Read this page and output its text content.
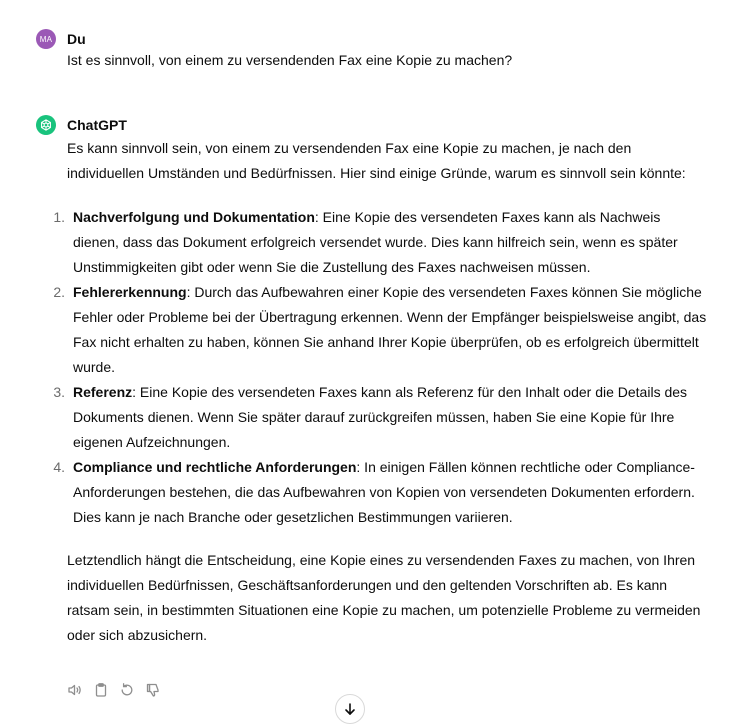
MA Du

Ist es sinnvoll, von einem zu versendenden Fax eine Kopie zu machen?

ChatGPT

Es kann sinnvoll sein, von einem zu versendenden Fax eine Kopie zu machen, je nach den individuellen Umständen und Bedürfnissen. Hier sind einige Gründe, warum es sinnvoll sein könnte:

1. Nachverfolgung und Dokumentation: Eine Kopie des versendeten Faxes kann als Nachweis dienen, dass das Dokument erfolgreich versendet wurde. Dies kann hilfreich sein, wenn es später Unstimmigkeiten gibt oder wenn Sie die Zustellung des Faxes nachweisen müssen.
2. Fehlererkennung: Durch das Aufbewahren einer Kopie des versendeten Faxes können Sie mögliche Fehler oder Probleme bei der Übertragung erkennen. Wenn der Empfänger beispielsweise angibt, das Fax nicht erhalten zu haben, können Sie anhand Ihrer Kopie überprüfen, ob es erfolgreich übermittelt wurde.
3. Referenz: Eine Kopie des versendeten Faxes kann als Referenz für den Inhalt oder die Details des Dokuments dienen. Wenn Sie später darauf zurückgreifen müssen, haben Sie eine Kopie für Ihre eigenen Aufzeichnungen.
4. Compliance und rechtliche Anforderungen: In einigen Fällen können rechtliche oder Compliance-Anforderungen bestehen, die das Aufbewahren von Kopien von versendeten Dokumenten erfordern. Dies kann je nach Branche oder gesetzlichen Bestimmungen variieren.

Letztendlich hängt die Entscheidung, eine Kopie eines zu versendenden Faxes zu machen, von Ihren individuellen Bedürfnissen, Geschäftsanforderungen und den geltenden Vorschriften ab. Es kann ratsam sein, in bestimmten Situationen eine Kopie zu machen, um potenzielle Probleme zu vermeiden oder sich abzusichern.
